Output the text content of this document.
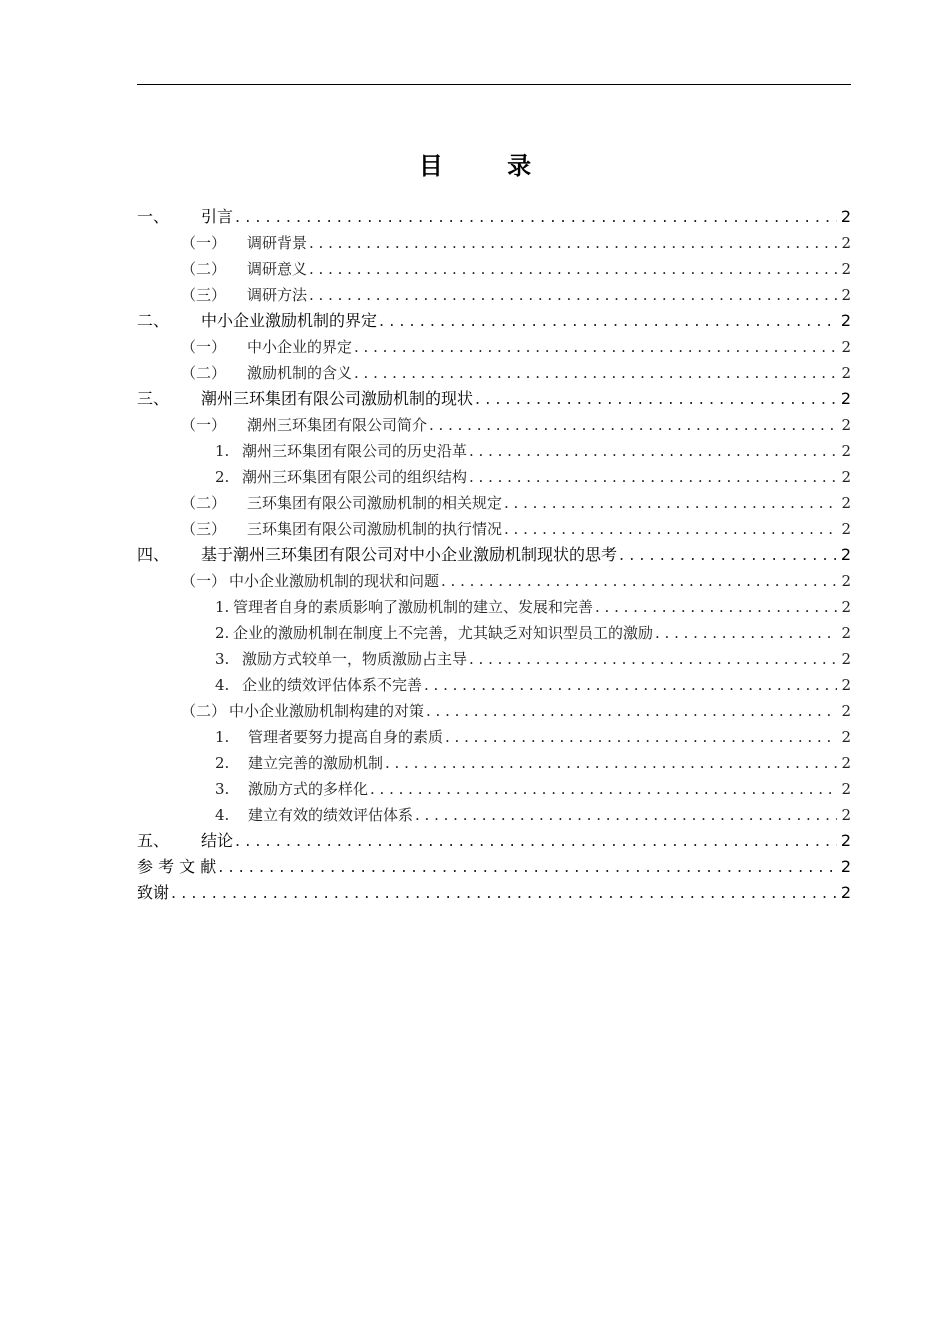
目 录
一、	引言 . . .	2
（一）	调研背景 . . .	2
（二）	调研意义 . . .	2
（三）	调研方法 . . .	2
二、	中小企业激励机制的界定 . . .	2
（一）	中小企业的界定 . . .	2
（二）	激励机制的含义 . . .	2
三、	潮州三环集团有限公司激励机制的现状 . . .	2
（一）	潮州三环集团有限公司简介 . . .	2
1. 潮州三环集团有限公司的历史沿革 . . .	2
2. 潮州三环集团有限公司的组织结构 . . .	2
（二）	三环集团有限公司激励机制的相关规定 . . .	2
（三）	三环集团有限公司激励机制的执行情况 . . .	2
四、	基于潮州三环集团有限公司对中小企业激励机制现状的思考 . . .	2
（一） 中小企业激励机制的现状和问题 . . .	2
1. 管理者自身的素质影响了激励机制的建立、发展和完善 . . .	2
2. 企业的激励机制在制度上不完善，尤其缺乏对知识型员工的激励 . . .	2
3. 激励方式较单一，物质激励占主导 . . .	2
4. 企业的绩效评估体系不完善 . . .	2
（二） 中小企业激励机制构建的对策 . . .	2
1.	管理者要努力提高自身的素质 . . .	2
2.	建立完善的激励机制 . . .	2
3.	激励方式的多样化 . . .	2
4.	建立有效的绩效评估体系 . . .	2
五、	结论 . . .	2
参 考 文 献 . . .	2
致谢 . . .	2
